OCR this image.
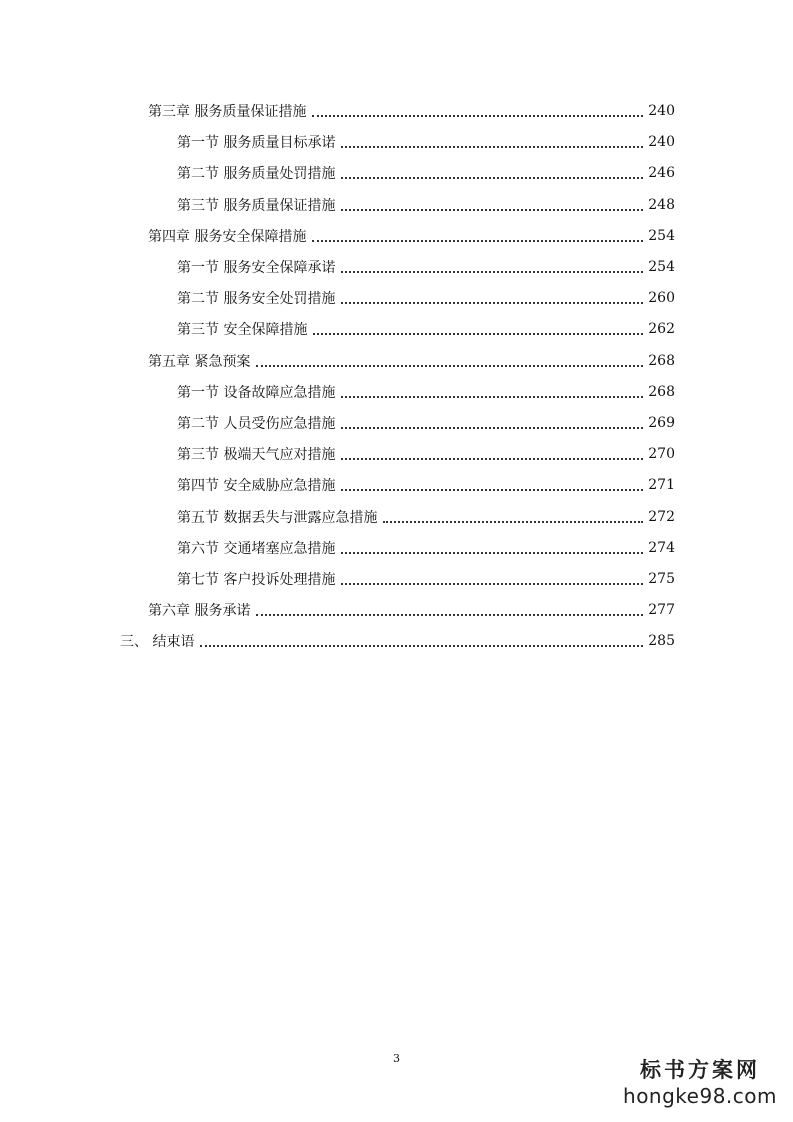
第三章 服务质量保证措施	240
第一节 服务质量目标承诺	240
第二节 服务质量处罚措施	246
第三节 服务质量保证措施	248
第四章 服务安全保障措施	254
第一节 服务安全保障承诺	254
第二节 服务安全处罚措施	260
第三节 安全保障措施	262
第五章 紧急预案	268
第一节 设备故障应急措施	268
第二节 人员受伤应急措施	269
第三节 极端天气应对措施	270
第四节 安全威胁应急措施	271
第五节 数据丢失与泄露应急措施	272
第六节 交通堵塞应急措施	274
第七节 客户投诉处理措施	275
第六章 服务承诺	277
三、 结束语	285
3	标书方案网
hongke98.com
